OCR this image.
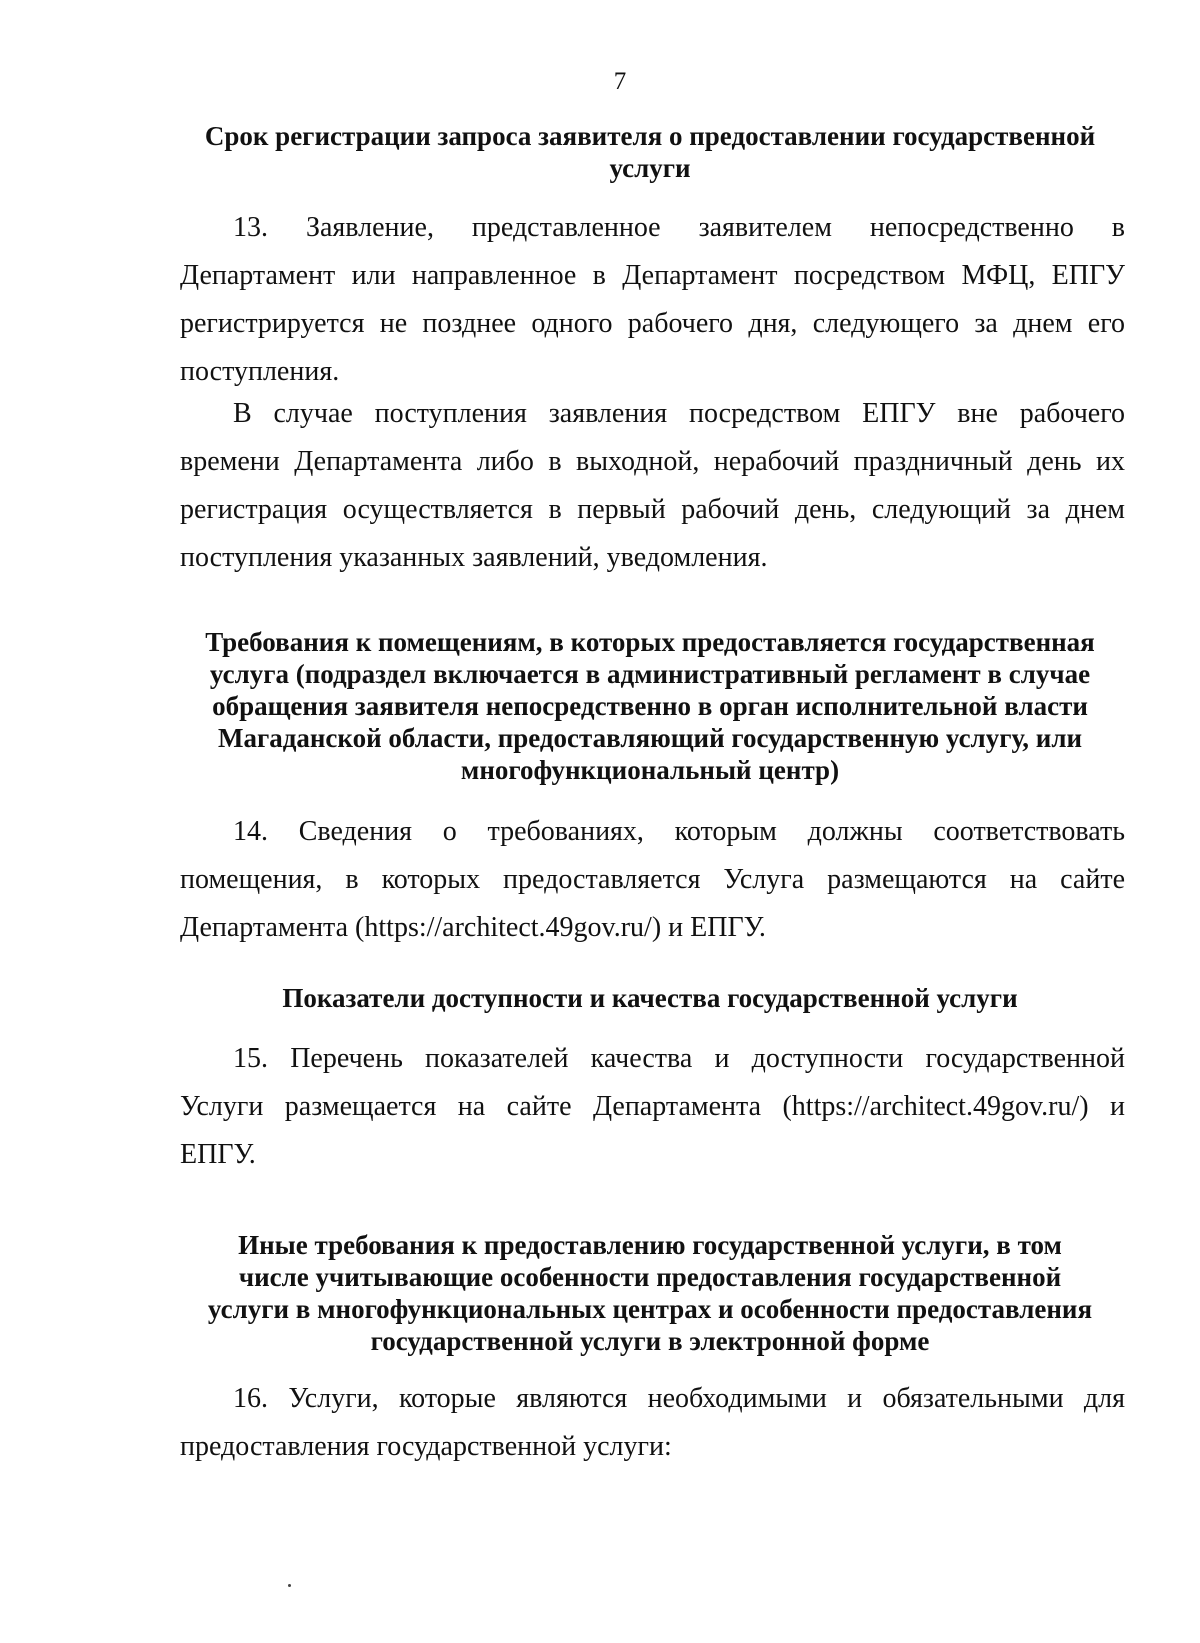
7
Срок регистрации запроса заявителя о предоставлении государственной
услуги
13. Заявление, представленное заявителем непосредственно в
Департамент или направленное в Департамент посредством МФЦ, ЕПГУ
регистрируется не позднее одного рабочего дня, следующего за днем его
поступления.
В случае поступления заявления посредством ЕПГУ вне рабочего
времени Департамента либо в выходной, нерабочий праздничный день их
регистрация осуществляется в первый рабочий день, следующий за днем
поступления указанных заявлений, уведомления.
Требования к помещениям, в которых предоставляется государственная
услуга (подраздел включается в административный регламент в случае
обращения заявителя непосредственно в орган исполнительной власти
Магаданской области, предоставляющий государственную услугу, или
многофункциональный центр)
14. Сведения о требованиях, которым должны соответствовать
помещения, в которых предоставляется Услуга размещаются на сайте
Департамента (https://architect.49gov.ru/) и ЕПГУ.
Показатели доступности и качества государственной услуги
15. Перечень показателей качества и доступности государственной
Услуги размещается на сайте Департамента (https://architect.49gov.ru/) и
ЕПГУ.
Иные требования к предоставлению государственной услуги, в том
числе учитывающие особенности предоставления государственной
услуги в многофункциональных центрах и особенности предоставления
государственной услуги в электронной форме
16. Услуги, которые являются необходимыми и обязательными для
предоставления государственной услуги:
